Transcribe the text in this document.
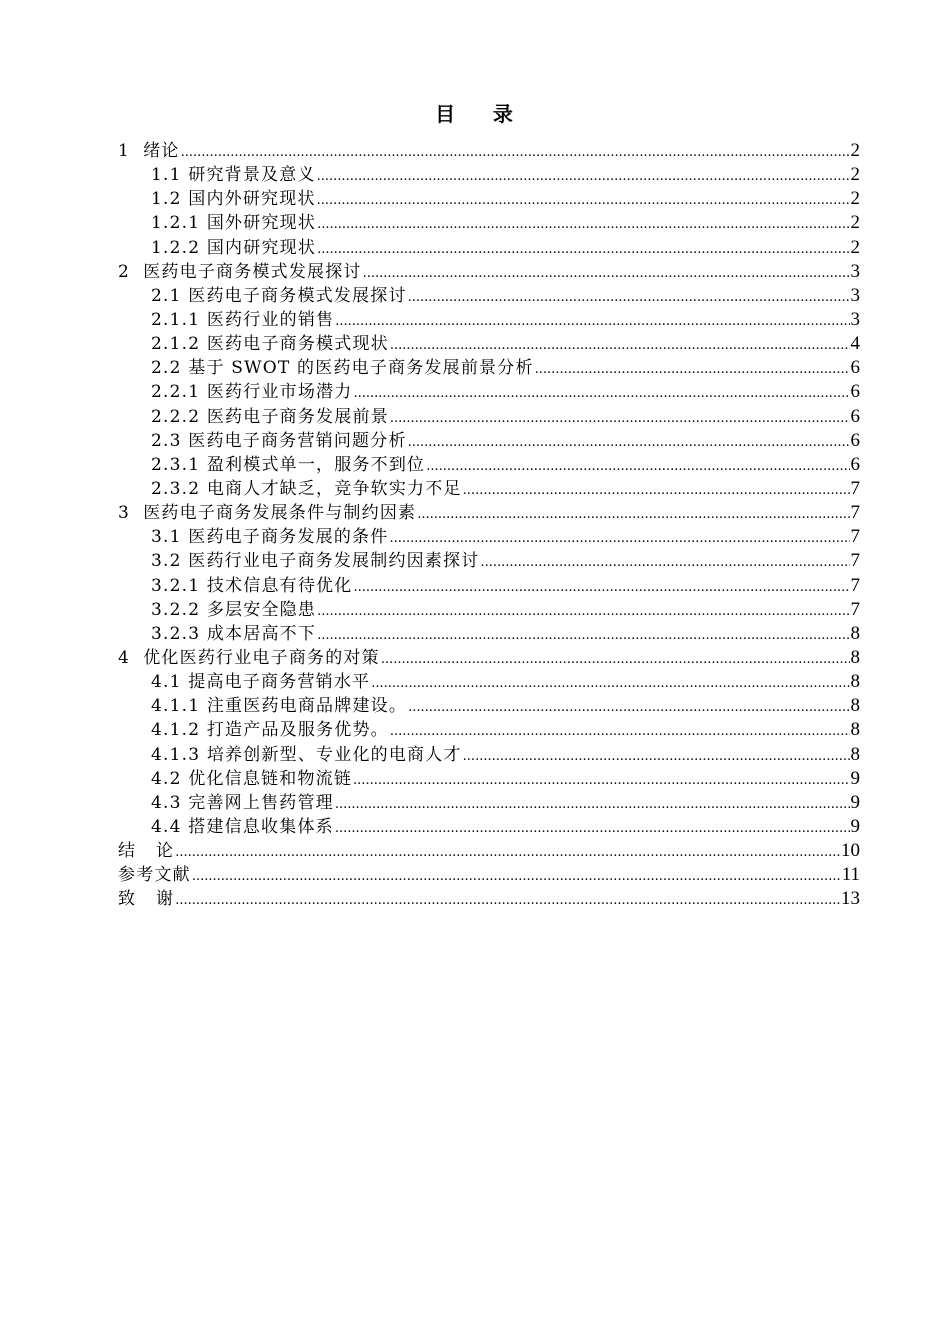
目    录
1  绪论 .....	2
1.1 研究背景及意义 .....	2
1.2 国内外研究现状 .....	2
1.2.1 国外研究现状 .....	2
1.2.2 国内研究现状 .....	2
2  医药电子商务模式发展探讨 .....	3
2.1 医药电子商务模式发展探讨 .....	3
2.1.1 医药行业的销售 .....	3
2.1.2 医药电子商务模式现状 .....	4
2.2 基于 SWOT 的医药电子商务发展前景分析 .....	6
2.2.1 医药行业市场潜力 .....	6
2.2.2 医药电子商务发展前景 .....	6
2.3 医药电子商务营销问题分析 .....	6
2.3.1 盈利模式单一，服务不到位 .....	6
2.3.2 电商人才缺乏，竞争软实力不足 .....	7
3  医药电子商务发展条件与制约因素 .....	7
3.1 医药电子商务发展的条件 .....	7
3.2 医药行业电子商务发展制约因素探讨 .....	7
3.2.1 技术信息有待优化 .....	7
3.2.2 多层安全隐患 .....	7
3.2.3 成本居高不下 .....	8
4  优化医药行业电子商务的对策 .....	8
4.1 提高电子商务营销水平 .....	8
4.1.1 注重医药电商品牌建设。 .....	8
4.1.2 打造产品及服务优势。 .....	8
4.1.3 培养创新型、专业化的电商人才 .....	8
4.2 优化信息链和物流链 .....	9
4.3 完善网上售药管理 .....	9
4.4 搭建信息收集体系 .....	9
结   论 .....	10
参考文献 .....	11
致   谢 .....	13
